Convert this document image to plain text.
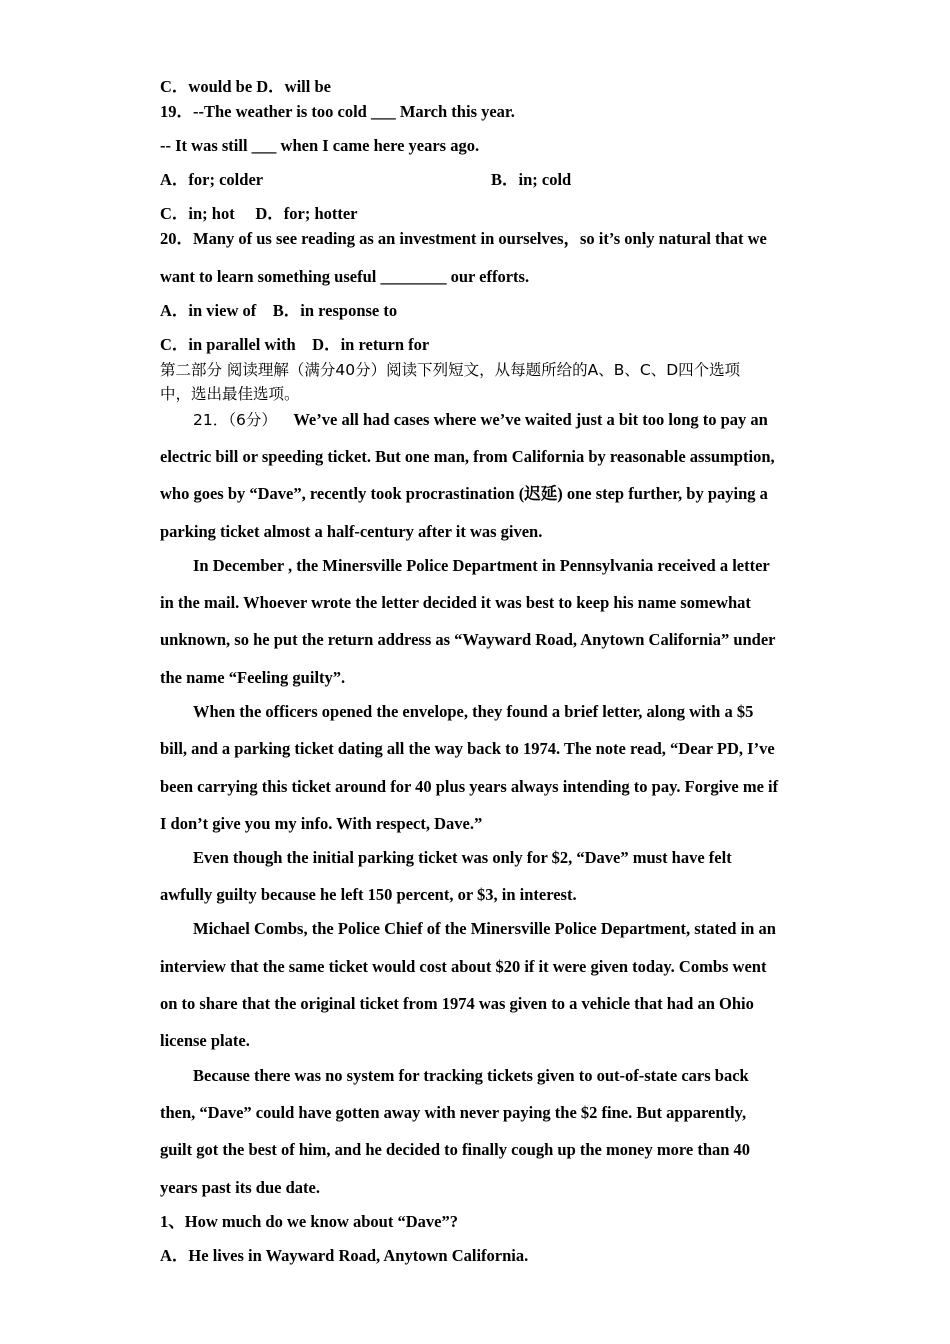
C．would be D．will be
19．--The weather is too cold ___ March this year.
-- It was still ___ when I came here years ago.
A．for; colder	B．in; cold
C．in; hot     D．for; hotter
20．Many of us see reading as an investment in ourselves，so it’s only natural that we
want to learn something useful ________ our efforts.
A．in view of    B．in response to
C．in parallel with    D．in return for
第二部分 阅读理解（满分40分）阅读下列短文，从每题所给的A、B、C、D四个选项
中，选出最佳选项。
21．（6分） We’ve all had cases where we’ve waited just a bit too long to pay an
electric bill or speeding ticket. But one man, from California by reasonable assumption,
who goes by “Dave”, recently took procrastination (迟延) one step further, by paying a
parking ticket almost a half-century after it was given.
In December , the Minersville Police Department in Pennsylvania received a letter
in the mail. Whoever wrote the letter decided it was best to keep his name somewhat
unknown, so he put the return address as “Wayward Road, Anytown California” under
the name “Feeling guilty”.
When the officers opened the envelope, they found a brief letter, along with a $5
bill, and a parking ticket dating all the way back to 1974. The note read, “Dear PD, I’ve
been carrying this ticket around for 40 plus years always intending to pay. Forgive me if
I don’t give you my info. With respect, Dave.”
Even though the initial parking ticket was only for $2, “Dave” must have felt
awfully guilty because he left 150 percent, or $3, in interest.
Michael Combs, the Police Chief of the Minersville Police Department, stated in an
interview that the same ticket would cost about $20 if it were given today. Combs went
on to share that the original ticket from 1974 was given to a vehicle that had an Ohio
license plate.
Because there was no system for tracking tickets given to out-of-state cars back
then, “Dave” could have gotten away with never paying the $2 fine. But apparently,
guilt got the best of him, and he decided to finally cough up the money more than 40
years past its due date.
1、How much do we know about “Dave”?
A．He lives in Wayward Road, Anytown California.
